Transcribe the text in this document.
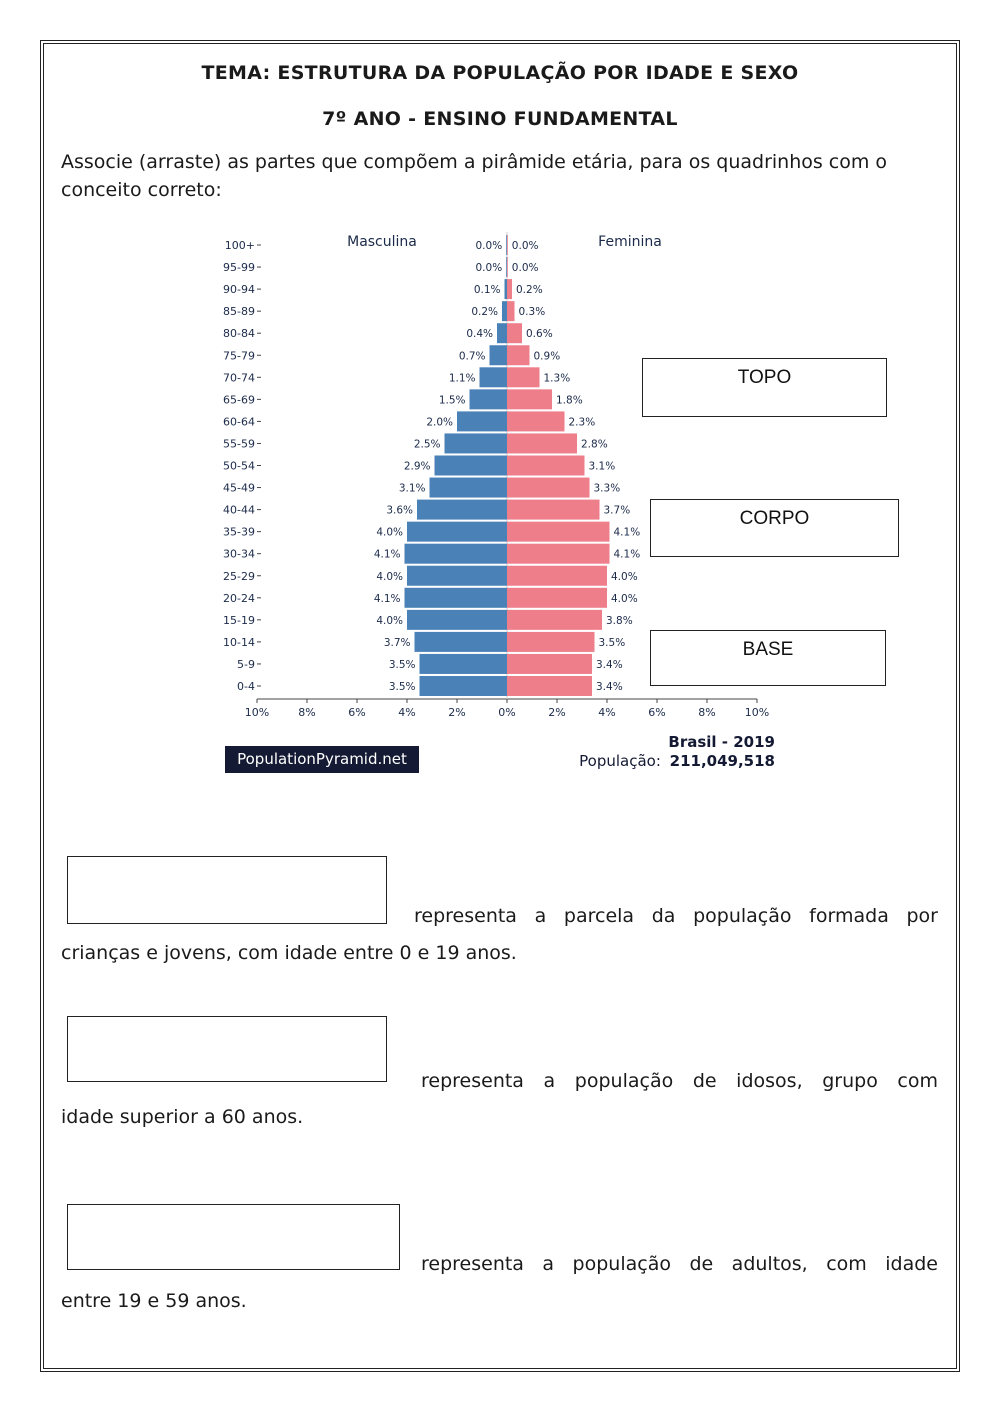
TEMA: ESTRUTURA DA POPULAÇÃO POR IDADE E SEXO
7º ANO - ENSINO FUNDAMENTAL
Associe (arraste) as partes que compõem a pirâmide etária, para os quadrinhos com o conceito correto:
10%	8%	6%	4%	2%	0%	2%	4%	6%	8%	10%
100+	0.0% 0.0%
95-99	0.0% 0.0%
90-94	0.1% 0.2%
85-89	0.2% 0.3%
80-84	0.4%	0.6%
75-79	0.7%	0.9%
70-74	1.1%	1.3%
65-69	1.5%	1.8%
60-64	2.0%	2.3%
55-59	2.5%	2.8%
50-54	2.9%	3.1%
45-49	3.1%	3.3%
40-44	3.6%	3.7%
35-39	4.0%	4.1%
30-34	4.1%	4.1%
25-29	4.0%	4.0%
20-24	4.1%	4.0%
15-19	4.0%	3.8%
10-14	3.7%	3.5%
5-9	3.5%	3.4%
0-4	3.5%	3.4%
Masculina	Feminina
Brasil - 2019
População: 211,049,518
PopulationPyramid.net
TOPO
CORPO
BASE
representa a parcela da população formada por
crianças e jovens, com idade entre 0 e 19 anos.
representa a população de idosos, grupo com
idade superior a 60 anos.
representa a população de adultos, com idade
entre 19 e 59 anos.
